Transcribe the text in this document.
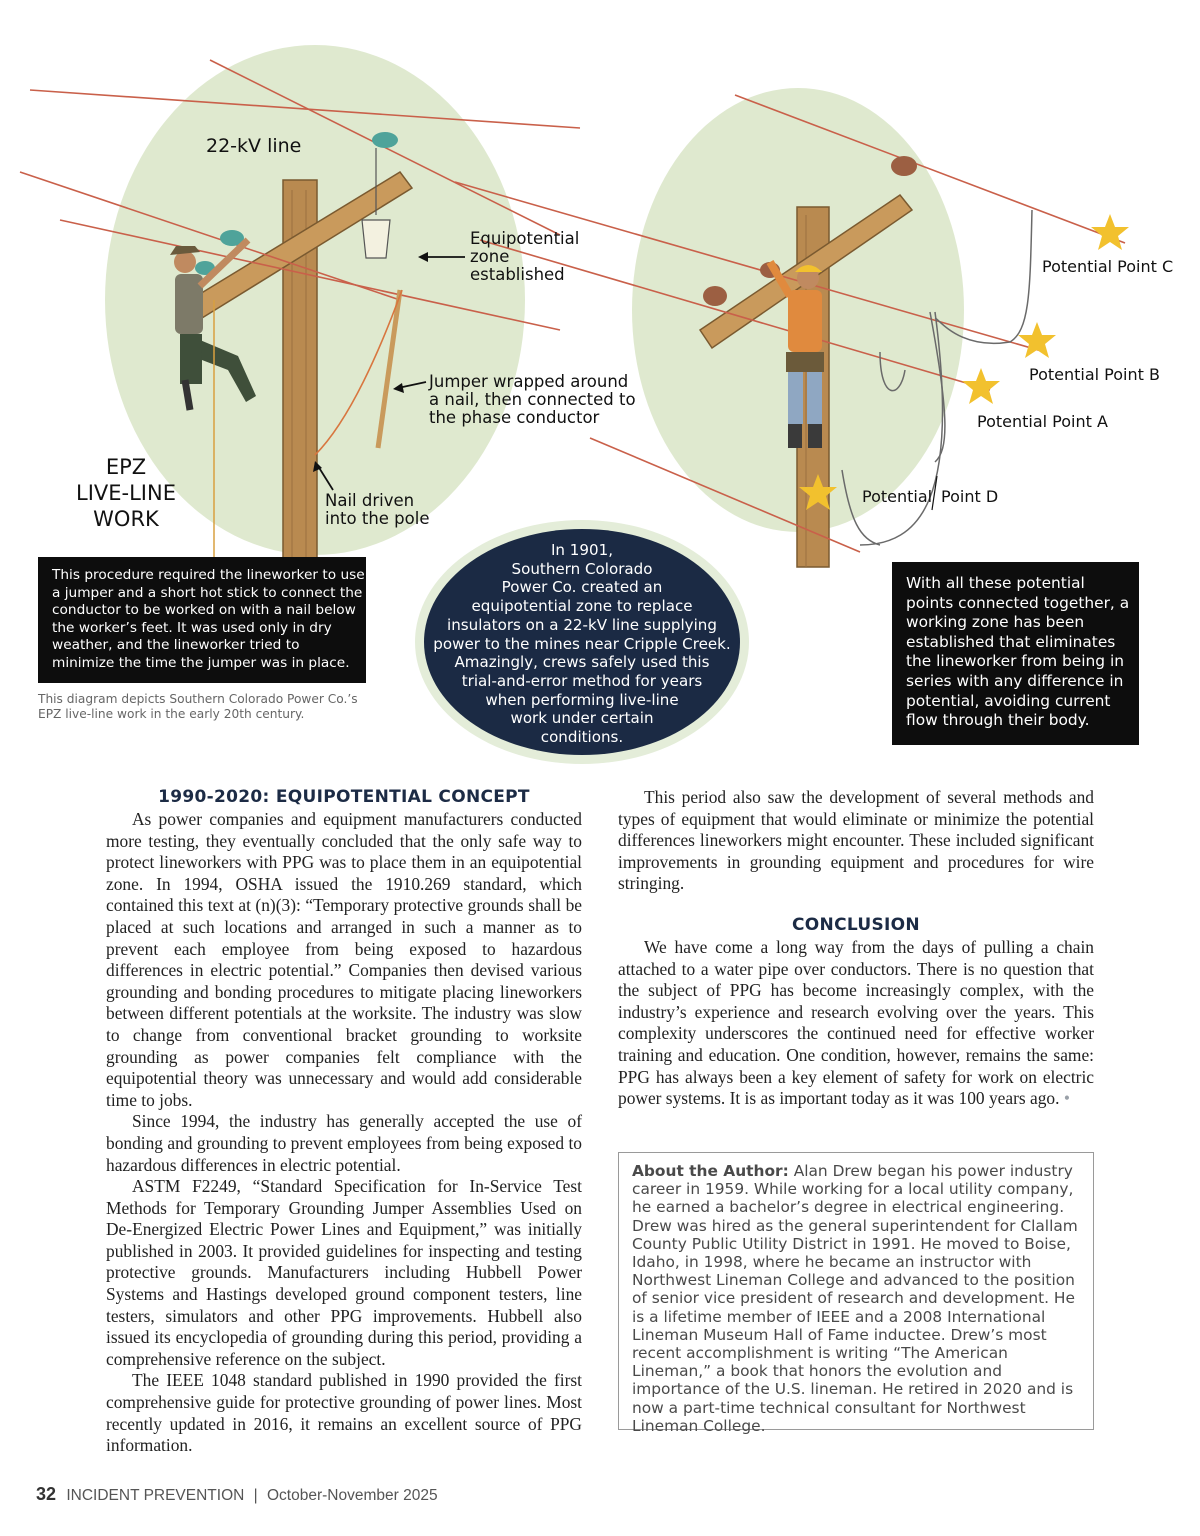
22-kV line
Equipotential
zone
established
Jumper wrapped around
a nail, then connected to
the phase conductor
Nail driven
into the pole
EPZ
LIVE-LINE
WORK
This procedure required the lineworker to use a jumper and a short hot stick to connect the conductor to be worked on with a nail below the worker’s feet. It was used only in dry weather, and the lineworker tried to minimize the time the jumper was in place.
This diagram depicts Southern Colorado Power Co.’s EPZ live-line work in the early 20th century.
In 1901,
Southern Colorado
Power Co. created an
equipotential zone to replace
insulators on a 22-kV line supplying
power to the mines near Cripple Creek.
Amazingly, crews safely used this
trial-and-error method for years
when performing live-line
work under certain
conditions.
Potential Point C
Potential Point B
Potential Point A
Potential Point D
With all these potential points connected together, a working zone has been established that eliminates the lineworker from being in series with any difference in potential, avoiding current flow through their body.
1990-2020: EQUIPOTENTIAL CONCEPT

As power companies and equipment manufacturers conducted more testing, they eventually concluded that the only safe way to protect lineworkers with PPG was to place them in an equipotential zone. In 1994, OSHA issued the 1910.269 standard, which contained this text at (n)(3): “Temporary protective grounds shall be placed at such locations and arranged in such a manner as to prevent each employee from being exposed to hazardous differences in electric potential.” Companies then devised various grounding and bonding procedures to mitigate placing lineworkers between different potentials at the worksite. The industry was slow to change from conventional bracket grounding to worksite grounding as power companies felt compliance with the equipotential theory was unnecessary and would add considerable time to jobs.

Since 1994, the industry has generally accepted the use of bonding and grounding to prevent employees from being exposed to hazardous differences in electric potential.

ASTM F2249, “Standard Specification for In-Service Test Methods for Temporary Grounding Jumper Assemblies Used on De-Energized Electric Power Lines and Equipment,” was initially published in 2003. It provided guidelines for inspecting and testing protective grounds. Manufacturers including Hubbell Power Systems and Hastings developed ground component testers, line testers, simulators and other PPG improvements. Hubbell also issued its encyclopedia of grounding during this period, providing a comprehensive reference on the subject.

The IEEE 1048 standard published in 1990 provided the first comprehensive guide for protective grounding of power lines. Most recently updated in 2016, it remains an excellent source of PPG information.

This period also saw the development of several methods and types of equipment that would eliminate or minimize the potential differences lineworkers might encounter. These included significant improvements in grounding equipment and procedures for wire stringing.

CONCLUSION

We have come a long way from the days of pulling a chain attached to a water pipe over conductors. There is no question that the subject of PPG has become increasingly complex, with the industry’s experience and research evolving over the years. This complexity underscores the continued need for effective worker training and education. One condition, however, remains the same: PPG has always been a key element of safety for work on electric power systems. It is as important today as it was 100 years ago. •

About the Author: Alan Drew began his power industry career in 1959. While working for a local utility company, he earned a bachelor’s degree in electrical engineering. Drew was hired as the general superintendent for Clallam County Public Utility District in 1991. He moved to Boise, Idaho, in 1998, where he became an instructor with Northwest Lineman College and advanced to the position of senior vice president of research and development. He is a lifetime member of IEEE and a 2008 International Lineman Museum Hall of Fame inductee. Drew’s most recent accomplishment is writing “The American Lineman,” a book that honors the evolution and importance of the U.S. lineman. He retired in 2020 and is now a part-time technical consultant for Northwest Lineman College.
32 INCIDENT PREVENTION | October-November 2025
